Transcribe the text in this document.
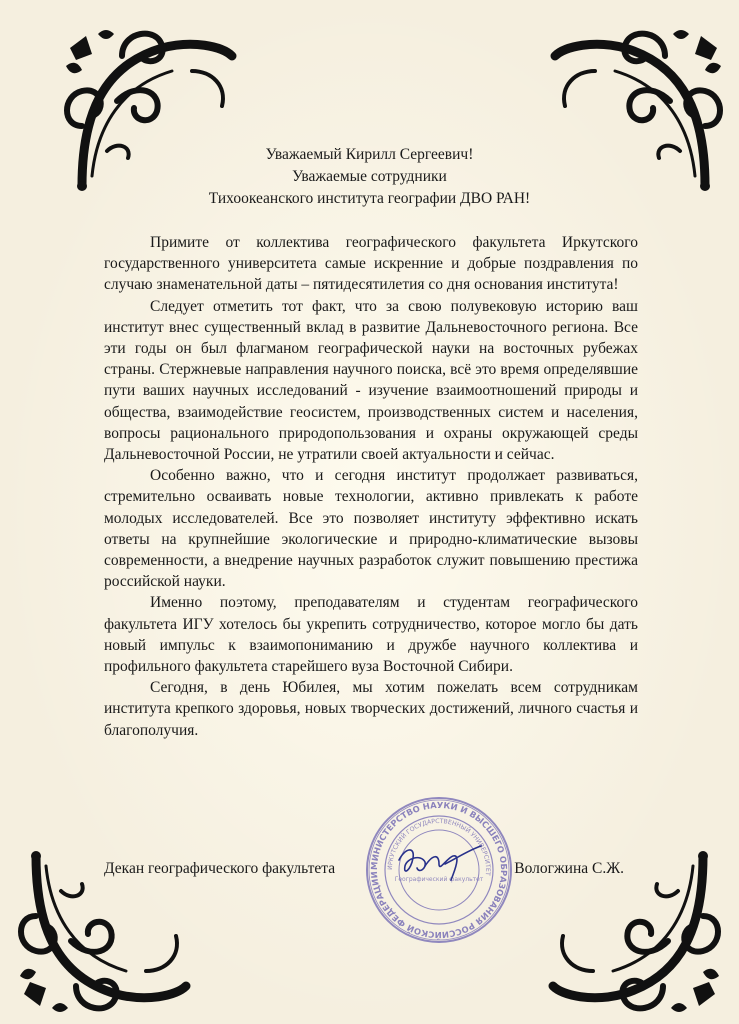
Уважаемый Кирилл Сергеевич!
Уважаемые сотрудники
Тихоокеанского института географии ДВО РАН!

Примите от коллектива географического факультета Иркутского государственного университета самые искренние и добрые поздравления по случаю знаменательной даты – пятидесятилетия со дня основания института!

Следует отметить тот факт, что за свою полувековую историю ваш институт внес существенный вклад в развитие Дальневосточного региона. Все эти годы он был флагманом географической науки на восточных рубежах страны. Стержневые направления научного поиска, всё это время определявшие пути ваших научных исследований - изучение взаимоотношений природы и общества, взаимодействие геосистем, производственных систем и населения, вопросы рационального природопользования и охраны окружающей среды Дальневосточной России, не утратили своей актуальности и сейчас.

Особенно важно, что и сегодня институт продолжает развиваться, стремительно осваивать новые технологии, активно привлекать к работе молодых исследователей. Все это позволяет институту эффективно искать ответы на крупнейшие экологические и природно-климатические вызовы современности, а внедрение научных разработок служит повышению престижа российской науки.

Именно поэтому, преподавателям и студентам географического факультета ИГУ хотелось бы укрепить сотрудничество, которое могло бы дать новый импульс к взаимопониманию и дружбе научного коллектива и профильного факультета старейшего вуза Восточной Сибири.

Сегодня, в день Юбилея, мы хотим пожелать всем сотрудникам института крепкого здоровья, новых творческих достижений, личного счастья и благополучия.

МИНИСТЕРСТВО НАУКИ И ВЫСШЕГО ОБРАЗОВАНИЯ РОССИЙСКОЙ ФЕДЕРАЦИИ
ИРКУТСКИЙ ГОСУДАРСТВЕННЫЙ УНИВЕРСИТЕТ
Географический факультет
Декан географического факультета	Вологжина С.Ж.
